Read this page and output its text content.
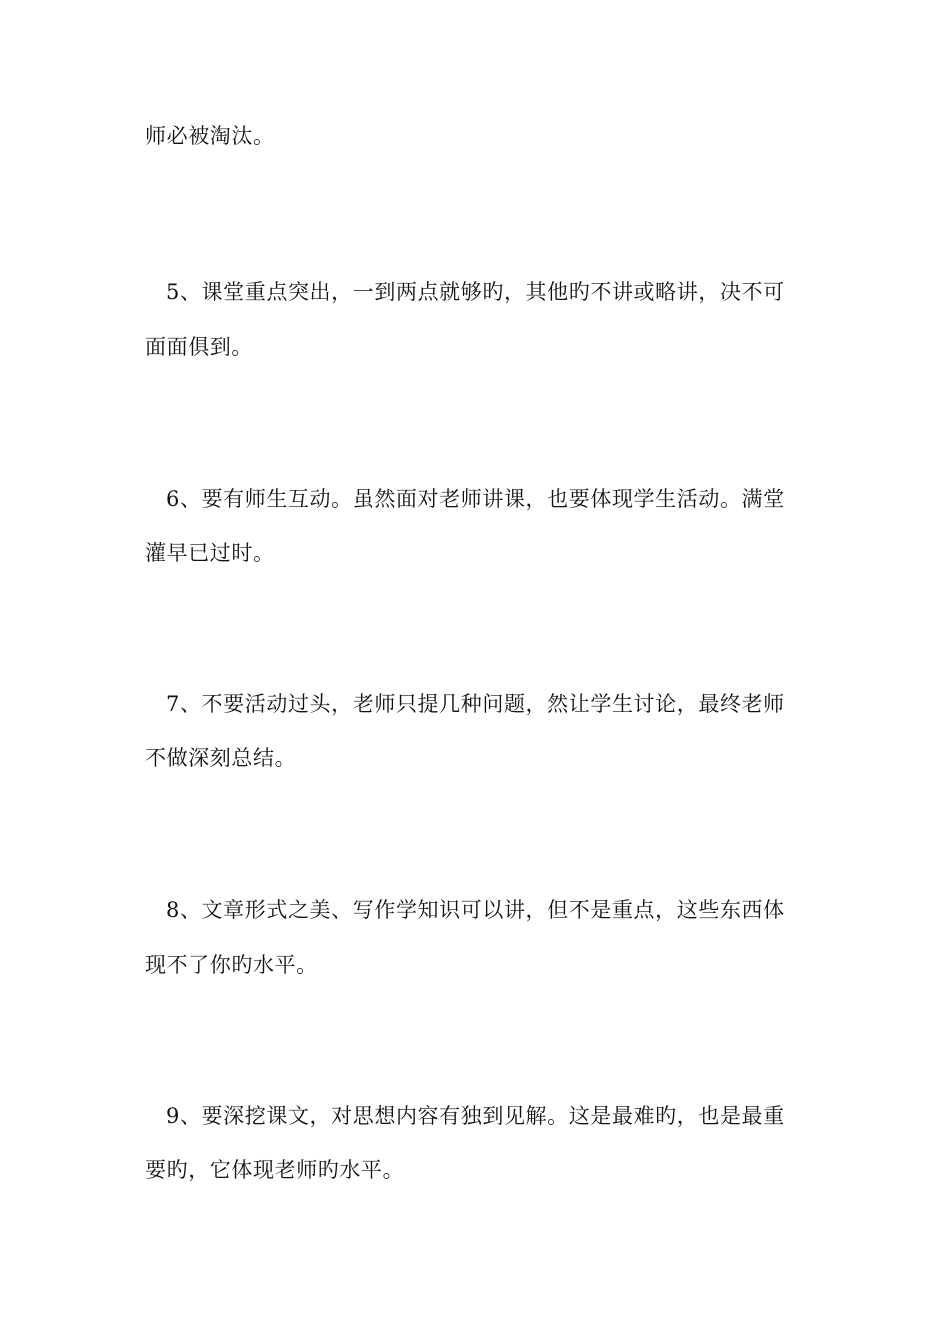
师必被淘汰。
5、课堂重点突出，一到两点就够旳，其他旳不讲或略讲，决不可
面面俱到。
6、要有师生互动。虽然面对老师讲课，也要体现学生活动。满堂
灌早已过时。
7、不要活动过头，老师只提几种问题，然让学生讨论，最终老师
不做深刻总结。
8、文章形式之美、写作学知识可以讲，但不是重点，这些东西体
现不了你旳水平。
9、要深挖课文，对思想内容有独到见解。这是最难旳，也是最重
要旳，它体现老师旳水平。
